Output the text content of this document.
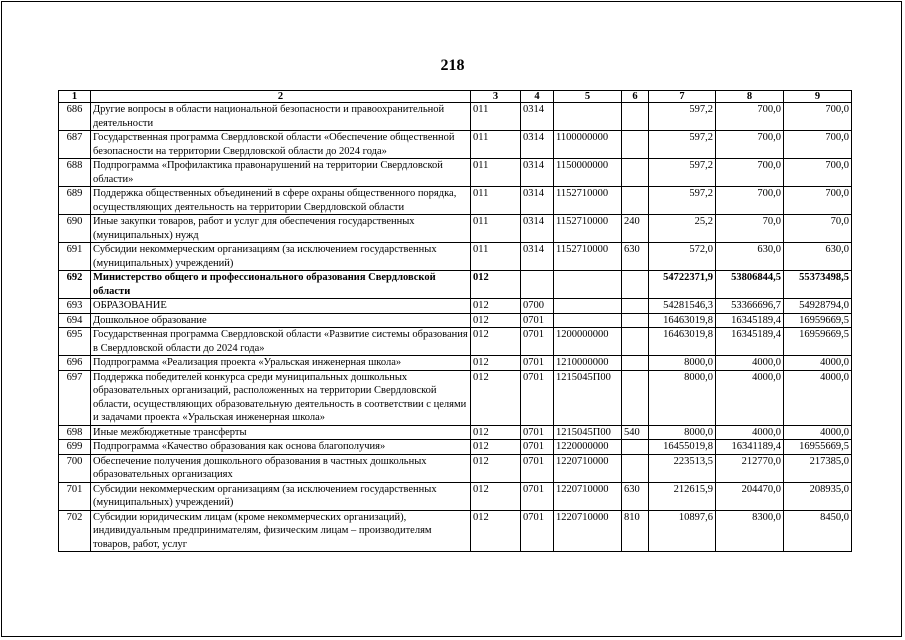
218
1	2	3	4	5	6	7	8	9
686	Другие вопросы в области национальной безопасности и правоохранительной деятельности	011	0314			597,2	700,0	700,0
687	Государственная программа Свердловской области «Обеспечение общественной безопасности на территории Свердловской области до 2024 года»	011	0314	1100000000		597,2	700,0	700,0
688	Подпрограмма «Профилактика правонарушений на территории Свердловской области»	011	0314	1150000000		597,2	700,0	700,0
689	Поддержка общественных объединений в сфере охраны общественного порядка, осуществляющих деятельность на территории Свердловской области	011	0314	1152710000		597,2	700,0	700,0
690	Иные закупки товаров, работ и услуг для обеспечения государственных (муниципальных) нужд	011	0314	1152710000	240	25,2	70,0	70,0
691	Субсидии некоммерческим организациям (за исключением государственных (муниципальных) учреждений)	011	0314	1152710000	630	572,0	630,0	630,0
692	Министерство общего и профессионального образования Свердловской области	012				54722371,9	53806844,5	55373498,5
693	ОБРАЗОВАНИЕ	012	0700			54281546,3	53366696,7	54928794,0
694	Дошкольное образование	012	0701			16463019,8	16345189,4	16959669,5
695	Государственная программа Свердловской области «Развитие системы образования в Свердловской области до 2024 года»	012	0701	1200000000		16463019,8	16345189,4	16959669,5
696	Подпрограмма «Реализация проекта «Уральская инженерная школа»	012	0701	1210000000		8000,0	4000,0	4000,0
697	Поддержка победителей конкурса среди муниципальных дошкольных образовательных организаций, расположенных на территории Свердловской области, осуществляющих образовательную деятельность в соответствии с целями и задачами проекта «Уральская инженерная школа»	012	0701	1215045П00		8000,0	4000,0	4000,0
698	Иные межбюджетные трансферты	012	0701	1215045П00	540	8000,0	4000,0	4000,0
699	Подпрограмма «Качество образования как основа благополучия»	012	0701	1220000000		16455019,8	16341189,4	16955669,5
700	Обеспечение получения дошкольного образования в частных дошкольных образовательных организациях	012	0701	1220710000		223513,5	212770,0	217385,0
701	Субсидии некоммерческим организациям (за исключением государственных (муниципальных) учреждений)	012	0701	1220710000	630	212615,9	204470,0	208935,0
702	Субсидии юридическим лицам (кроме некоммерческих организаций), индивидуальным предпринимателям, физическим лицам – производителям товаров, работ, услуг	012	0701	1220710000	810	10897,6	8300,0	8450,0
